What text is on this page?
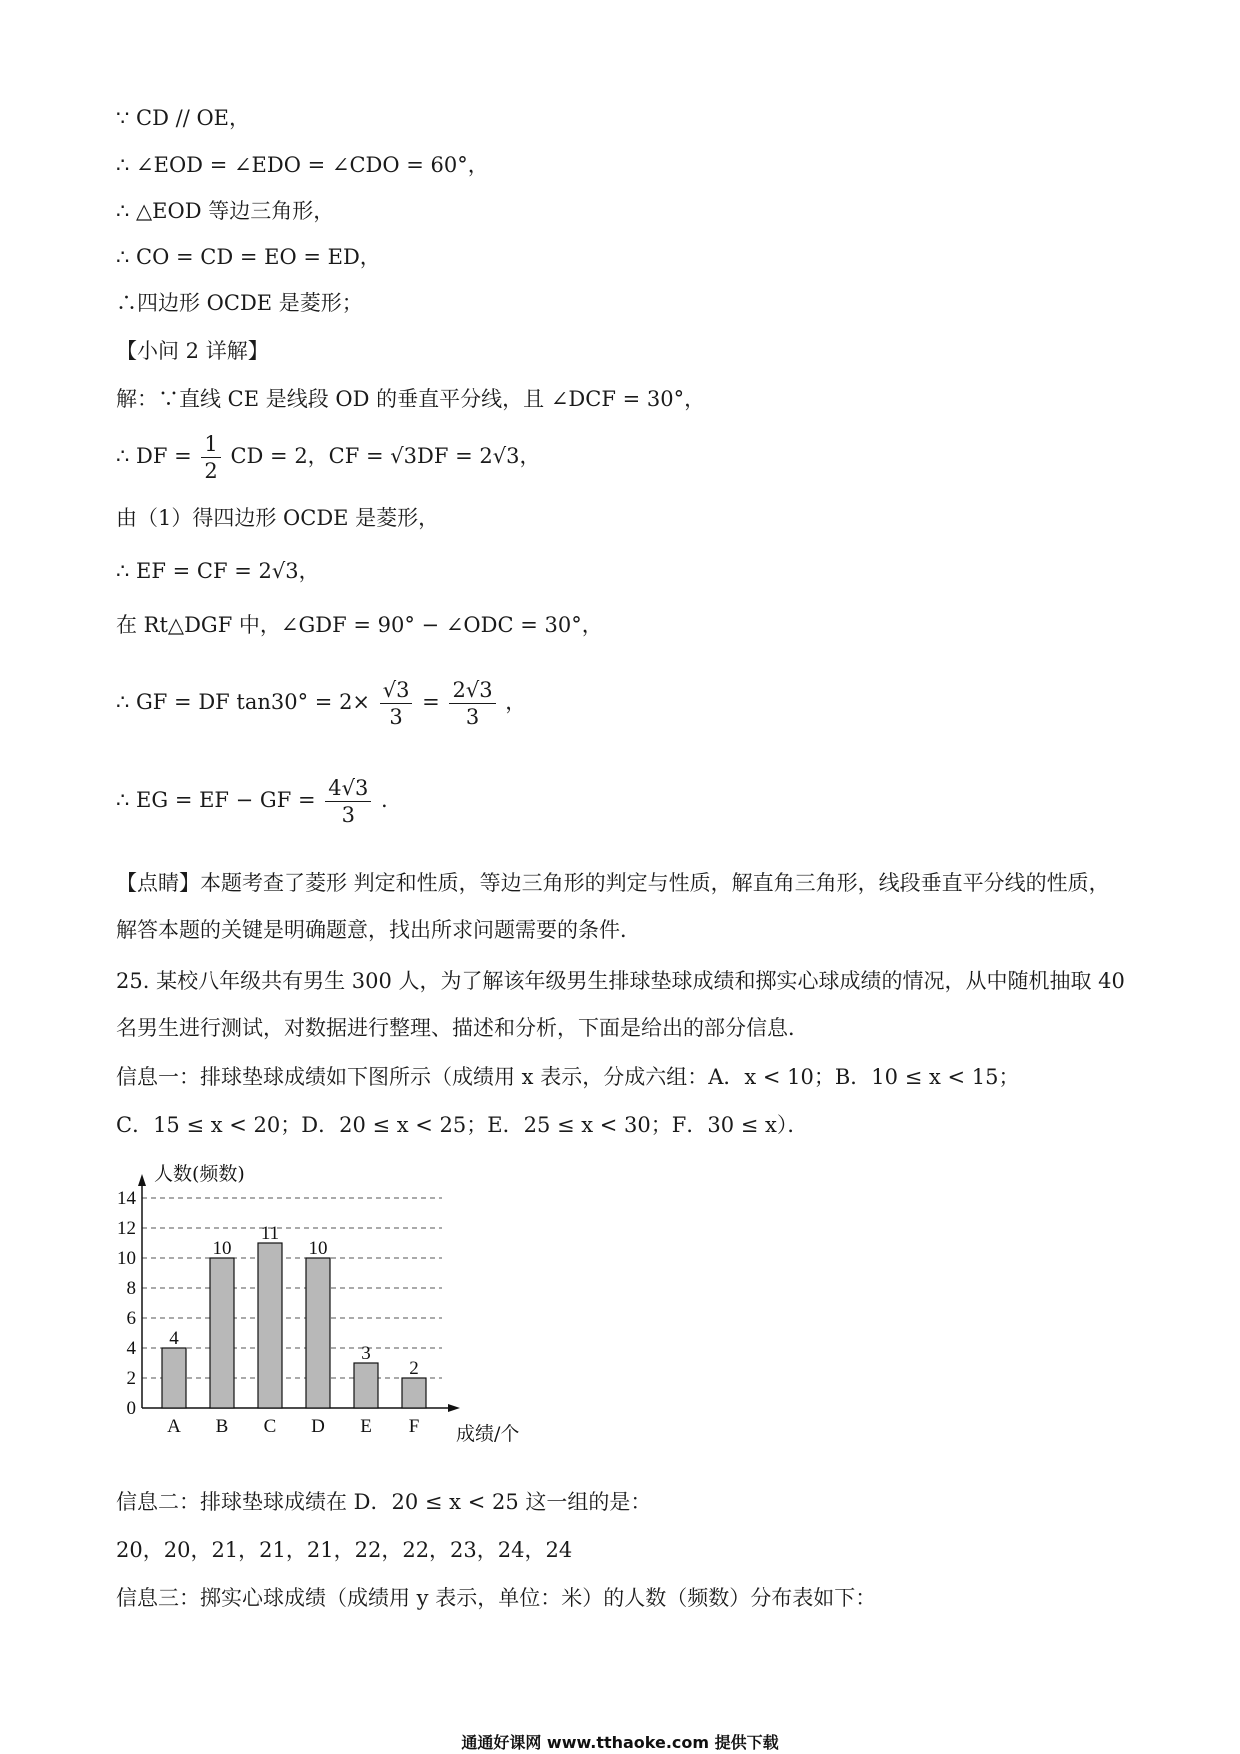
∵ CD // OE，
∴ ∠EOD = ∠EDO = ∠CDO = 60°，
∴ △EOD 等边三角形，
∴ CO = CD = EO = ED，
∴四边形 OCDE 是菱形；
【小问 2 详解】
解：∵直线 CE 是线段 OD 的垂直平分线，且 ∠DCF = 30°，
∴ DF = $\frac{1}{2}$ CD = 2，CF = √3DF = 2√3，
由（1）得四边形 OCDE 是菱形，
∴ EF = CF = 2√3，
在 Rt△DGF 中，∠GDF = 90° − ∠ODC = 30°，
∴ GF = DF $\tan 30^\circ = 2\times \frac{√3}{3} = \frac{2√3}{3}$ ，
∴ EG = EF − GF = $\frac{4√3}{3}$ .
【点睛】本题考查了菱形 判定和性质，等边三角形的判定与性质，解直角三角形，线段垂直平分线的性质，解答本题的关键是明确题意，找出所求问题需要的条件．
25. 某校八年级共有男生 300 人，为了解该年级男生排球垫球成绩和掷实心球成绩的情况，从中随机抽取 40 名男生进行测试，对数据进行整理、描述和分析，下面是给出的部分信息．
信息一：排球垫球成绩如下图所示（成绩用 x 表示，分成六组：A．x < 10；B．10 ≤ x < 15；
C．15 ≤ x < 20；D．20 ≤ x < 25；E．25 ≤ x < 30；F．30 ≤ x）．
0
2
4
6
8
10
12
14
人数(频数)
成绩/个
4
A
10
B
11
C
10
D
3
E
2
F
信息二：排球垫球成绩在 D．20 ≤ x < 25 这一组的是：
20，20，21，21，21，22，22，23，24，24
信息三：掷实心球成绩（成绩用 y 表示，单位：米）的人数（频数）分布表如下：
通通好课网 www.tthaoke.com 提供下载
